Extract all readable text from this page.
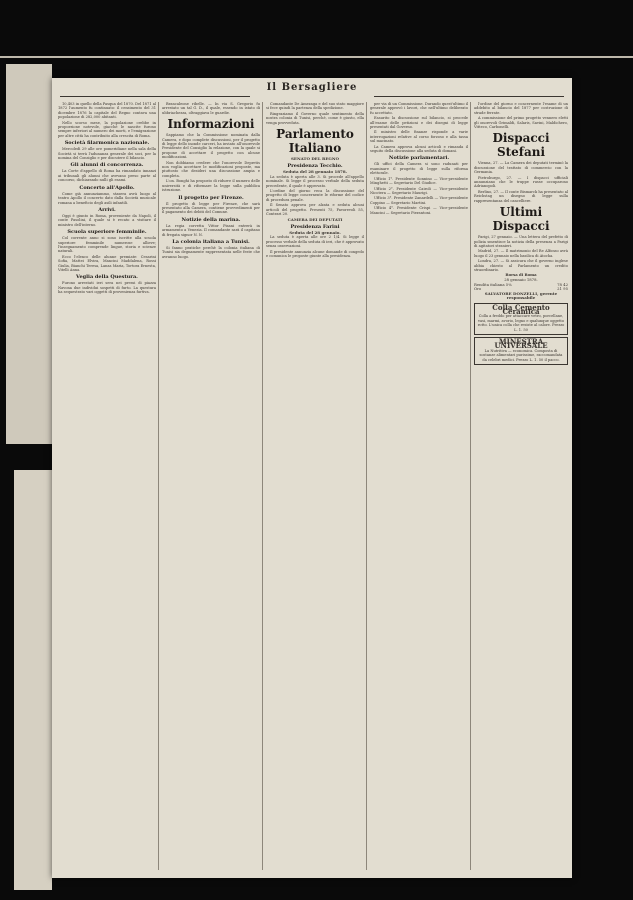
Il Bersagliere

10,403 in quello della Pasqua del 1870. Del 1871 al 1872 l'aumento fu continuato: il censimento del 31 dicembre 1876 la capitale del Regno contava una popolazione di 282,000 abitanti.

Nello scorso mese, la popolazione crebbe in proporzione notevole, giacchè le nascite furono sempre inferiori al numero dei morti, e l'emigrazione per altre città ha contribuito alla crescita di Roma.

Società filarmonica nazionale.

Mercoledì 29 alle ore pomeridiane nella sala della Società si terrà l'adunanza generale dei soci, per la nomina del Consiglio e per discutere il bilancio.

Gli alunni di concorrenza.

La Corte d'appello di Roma ha rimandato innanzi ai tribunali gli alunni che avevano preso parte al concorso, dichiarando nulli gli esami.

Concerto all'Apollo.

Come già annunziammo, stasera avrà luogo al teatro Apollo il concerto dato dalla Società musicale romana a beneficio degli asili infantili.

Arrivi.

Oggi è giunto in Roma, proveniente da Napoli, il conte Pasolini, il quale si è recato a visitare il ministro dell'interno.

Scuola superiore femminile.

Col corrente anno si sono iscritte alla scuola superiore femminile numerose allieve; l'insegnamento comprende lingue, storia e scienze naturali.

Ecco l'elenco delle alunne premiate: Cesarini Sofia, Mattei Elvira, Mancini Maddalena, Rossi Giulia, Bianchi Teresa, Lanza Maria, Tortora Ernesta, Vitelli Anna.

Veglia della Questura.

Furono arrestati ieri sera nei pressi di piazza Navona due individui sospetti di furto. La questura ha sequestrato vari oggetti di provenienza furtiva.

Brancaleone ribelle. — In via S. Gregorio fu arrestato un tal G. D., il quale, essendo in istato di ubbriachezza, oltraggiava le guardie.

Informazioni

Sappiamo che la Commissione nominata dalla Camera, e dopo complete discussioni, per il progetto di legge dello inonde carceri, ha inviato all'onorevole Presidente del Consiglio la relazione, con la quale si propone di accettare il progetto con alcune modificazioni.

Non dobbiamo credere che l'onorevole Depretis non voglia accettare le modificazioni proposte, ma piuttosto che desideri una discussione ampia e completa.

L'on. Bonghi ha proposto di ridurre il numero delle università e di riformare la legge sulla pubblica istruzione.

Il progetto per Firenze.

Il progetto di legge per Firenze, che sarà presentato alla Camera, contiene provvedimenti per il pagamento dei debiti del Comune.

Notizie della marina.

La regia corvetta Vittor Pisani entrerà in armamento a Venezia. Il comandante sarà il capitano di fregata signor N. N.

La colonia italiana a Tunisi.

Si fanno pratiche perchè la colonia italiana di Tunisi sia degnamente rappresentata nelle feste che avranno luogo.

Comandante De Amezaga e del suo stato maggiore si fece quindi la partenza della spedizione.

Ringraziamo il Governo quale sentimento della nostra colonia di Tunisi, perchè, come è giusto, ella venga provveduta.

Parlamento Italiano
SENATO DEL REGNO
Presidenza Tecchio.
Seduta del 28 gennaio 1878.

La seduta è aperta alle 3. Si procede all'appello nominale. Si legge il processo verbale della seduta precedente, il quale è approvato.

L'ordine del giorno reca la discussione del progetto di legge concernente le riforme del codice di procedura penale.

Il Senato approva per alzata e seduta alcuni articoli del progetto. Presenti 75, Favorevoli 55, Contrari 20.

CAMERA DEI DEPUTATI
Presidenza Farini
Seduta del 28 gennaio.

La seduta è aperta alle ore 2 1/4. Si legge il processo verbale della seduta di ieri, che è approvato senza osservazioni.

Il presidente annunzia alcune domande di congedo e comunica le proposte giunte alla presidenza.

per via di un Commissione. Durando quest'ultimo il generale approvò i lavori, che nell'ultimo deliberato fu accettato.

Esaurito la discussione sul bilancio, si procede all'esame delle petizioni e dei disegni di legge presentati dal Governo.

Il ministro delle finanze risponde a varie interrogazioni relative al corso forzoso e alla tassa sul macinato.

La Camera approva alcuni articoli e rimanda il seguito della discussione alla seduta di domani.

Notizie parlamentari.

Gli uffici della Camera si sono radunati per esaminare il progetto di legge sulla riforma elettorale.

Ufficio 1°. Presidente Sonnino — Vice-presidente Minghetti — Segretario Del Giudice.

Ufficio 2°. Presidente Cairoli — Vice-presidente Nicotera — Segretario Maurigi.

Ufficio 3°. Presidente Zanardelli — Vice-presidente Coppino — Segretario Martini.

Ufficio 4°. Presidente Crispi — Vice-presidente Mancini — Segretario Pierantoni.

l'ordine del giorno e concernente l'esame di un addebito al bilancio del 1877 per costruzione di strade ferrate.

A commissione del primo progetto vennero eletti gli onorevoli Grimaldi, Salaris, Savini, Maldichero, Vitteco, Carbonelli.

Dispacci Stefani

Vienna, 27. — La Camera dei deputati terminò la discussione del trattato di commercio con la Germania.

Pietroburgo, 27. — I dispacci ufficiali annunziano che le truppe russe occuparono Adrianopoli.

Berlino, 27. — Il conte Bismarck ha presentato al Reichstag un disegno di legge sulla rappresentanza del cancelliere.

Ultimi Dispacci

Parigi, 27 gennaio. — Una lettera del prefetto di polizia smentisce la notizia della presenza a Parigi di agitatori stranieri.

Madrid, 27. — Il matrimonio del Re Alfonso avrà luogo il 23 gennaio nella basilica di Atocha.

Londra, 27. — Si assicura che il governo inglese abbia chiesto al Parlamento un credito straordinario.

Borsa di Roma
28 gennaio 1878.
Rendita italiana 5%	78 42
Oro	21 95
SALVATORE DONZELLI, gerente responsabile
Colla Cemento Ceramica
Colla a freddo per attaccare vetro, porcellane, vasi, marmi, avorio, legno e qualunque oggetto rotto. L'unica colla che resiste al calore. Prezzo L. 1. 50
MINESTRA UNIVERSALE
La Nutritiva — economica. Composta di sostanze alimentari purissime, raccomandata da celebri medici. Prezzo L. 1. 50 il pacco.
